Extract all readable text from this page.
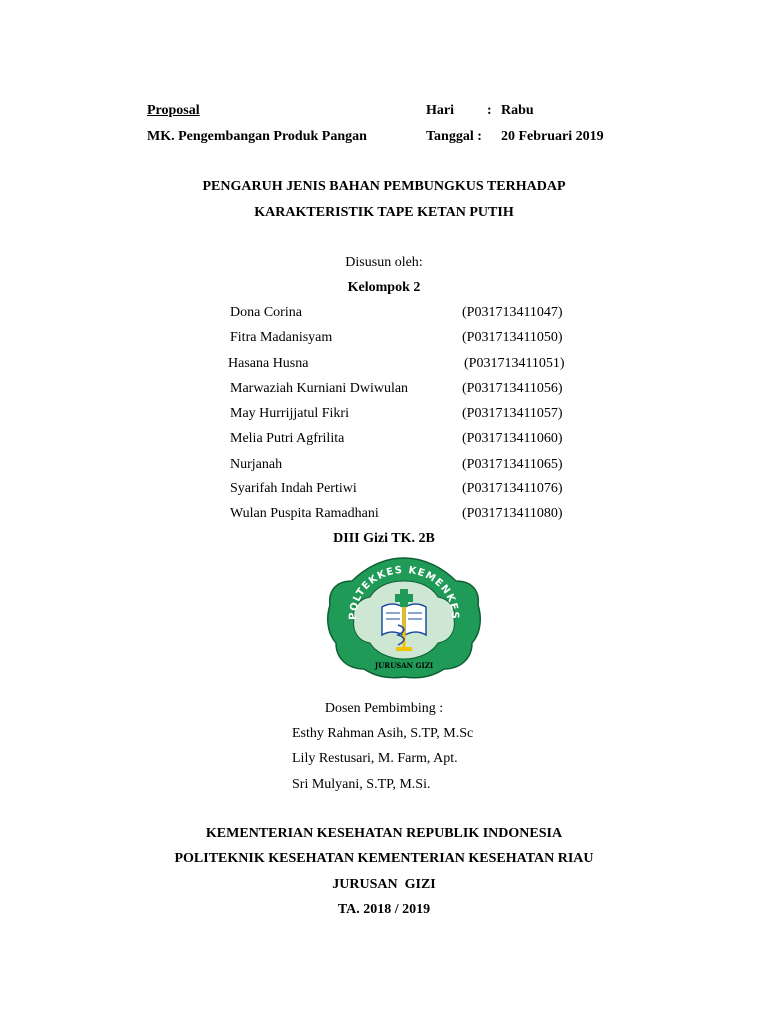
Proposal	Hari : Rabu
MK. Pengembangan Produk Pangan	Tanggal : 20 Februari 2019
PENGARUH JENIS BAHAN PEMBUNGKUS TERHADAP
KARAKTERISTIK TAPE KETAN PUTIH
Disusun oleh:
Kelompok 2
Dona Corina	(P031713411047)
Fitra Madanisyam	(P031713411050)
Hasana Husna	(P031713411051)
Marwaziah Kurniani Dwiwulan	(P031713411056)
May Hurrijjatul Fikri	(P031713411057)
Melia Putri Agfrilita	(P031713411060)
Nurjanah	(P031713411065)
Syarifah Indah Pertiwi	(P031713411076)
Wulan Puspita Ramadhani	(P031713411080)
DIII Gizi TK. 2B
POLTEKKES KEMENKES
JURUSAN GIZI
Dosen Pembimbing :
Esthy Rahman Asih, S.TP, M.Sc
Lily Restusari, M. Farm, Apt.
Sri Mulyani, S.TP, M.Si.
KEMENTERIAN KESEHATAN REPUBLIK INDONESIA
POLITEKNIK KESEHATAN KEMENTERIAN KESEHATAN RIAU
JURUSAN  GIZI
TA. 2018 / 2019
